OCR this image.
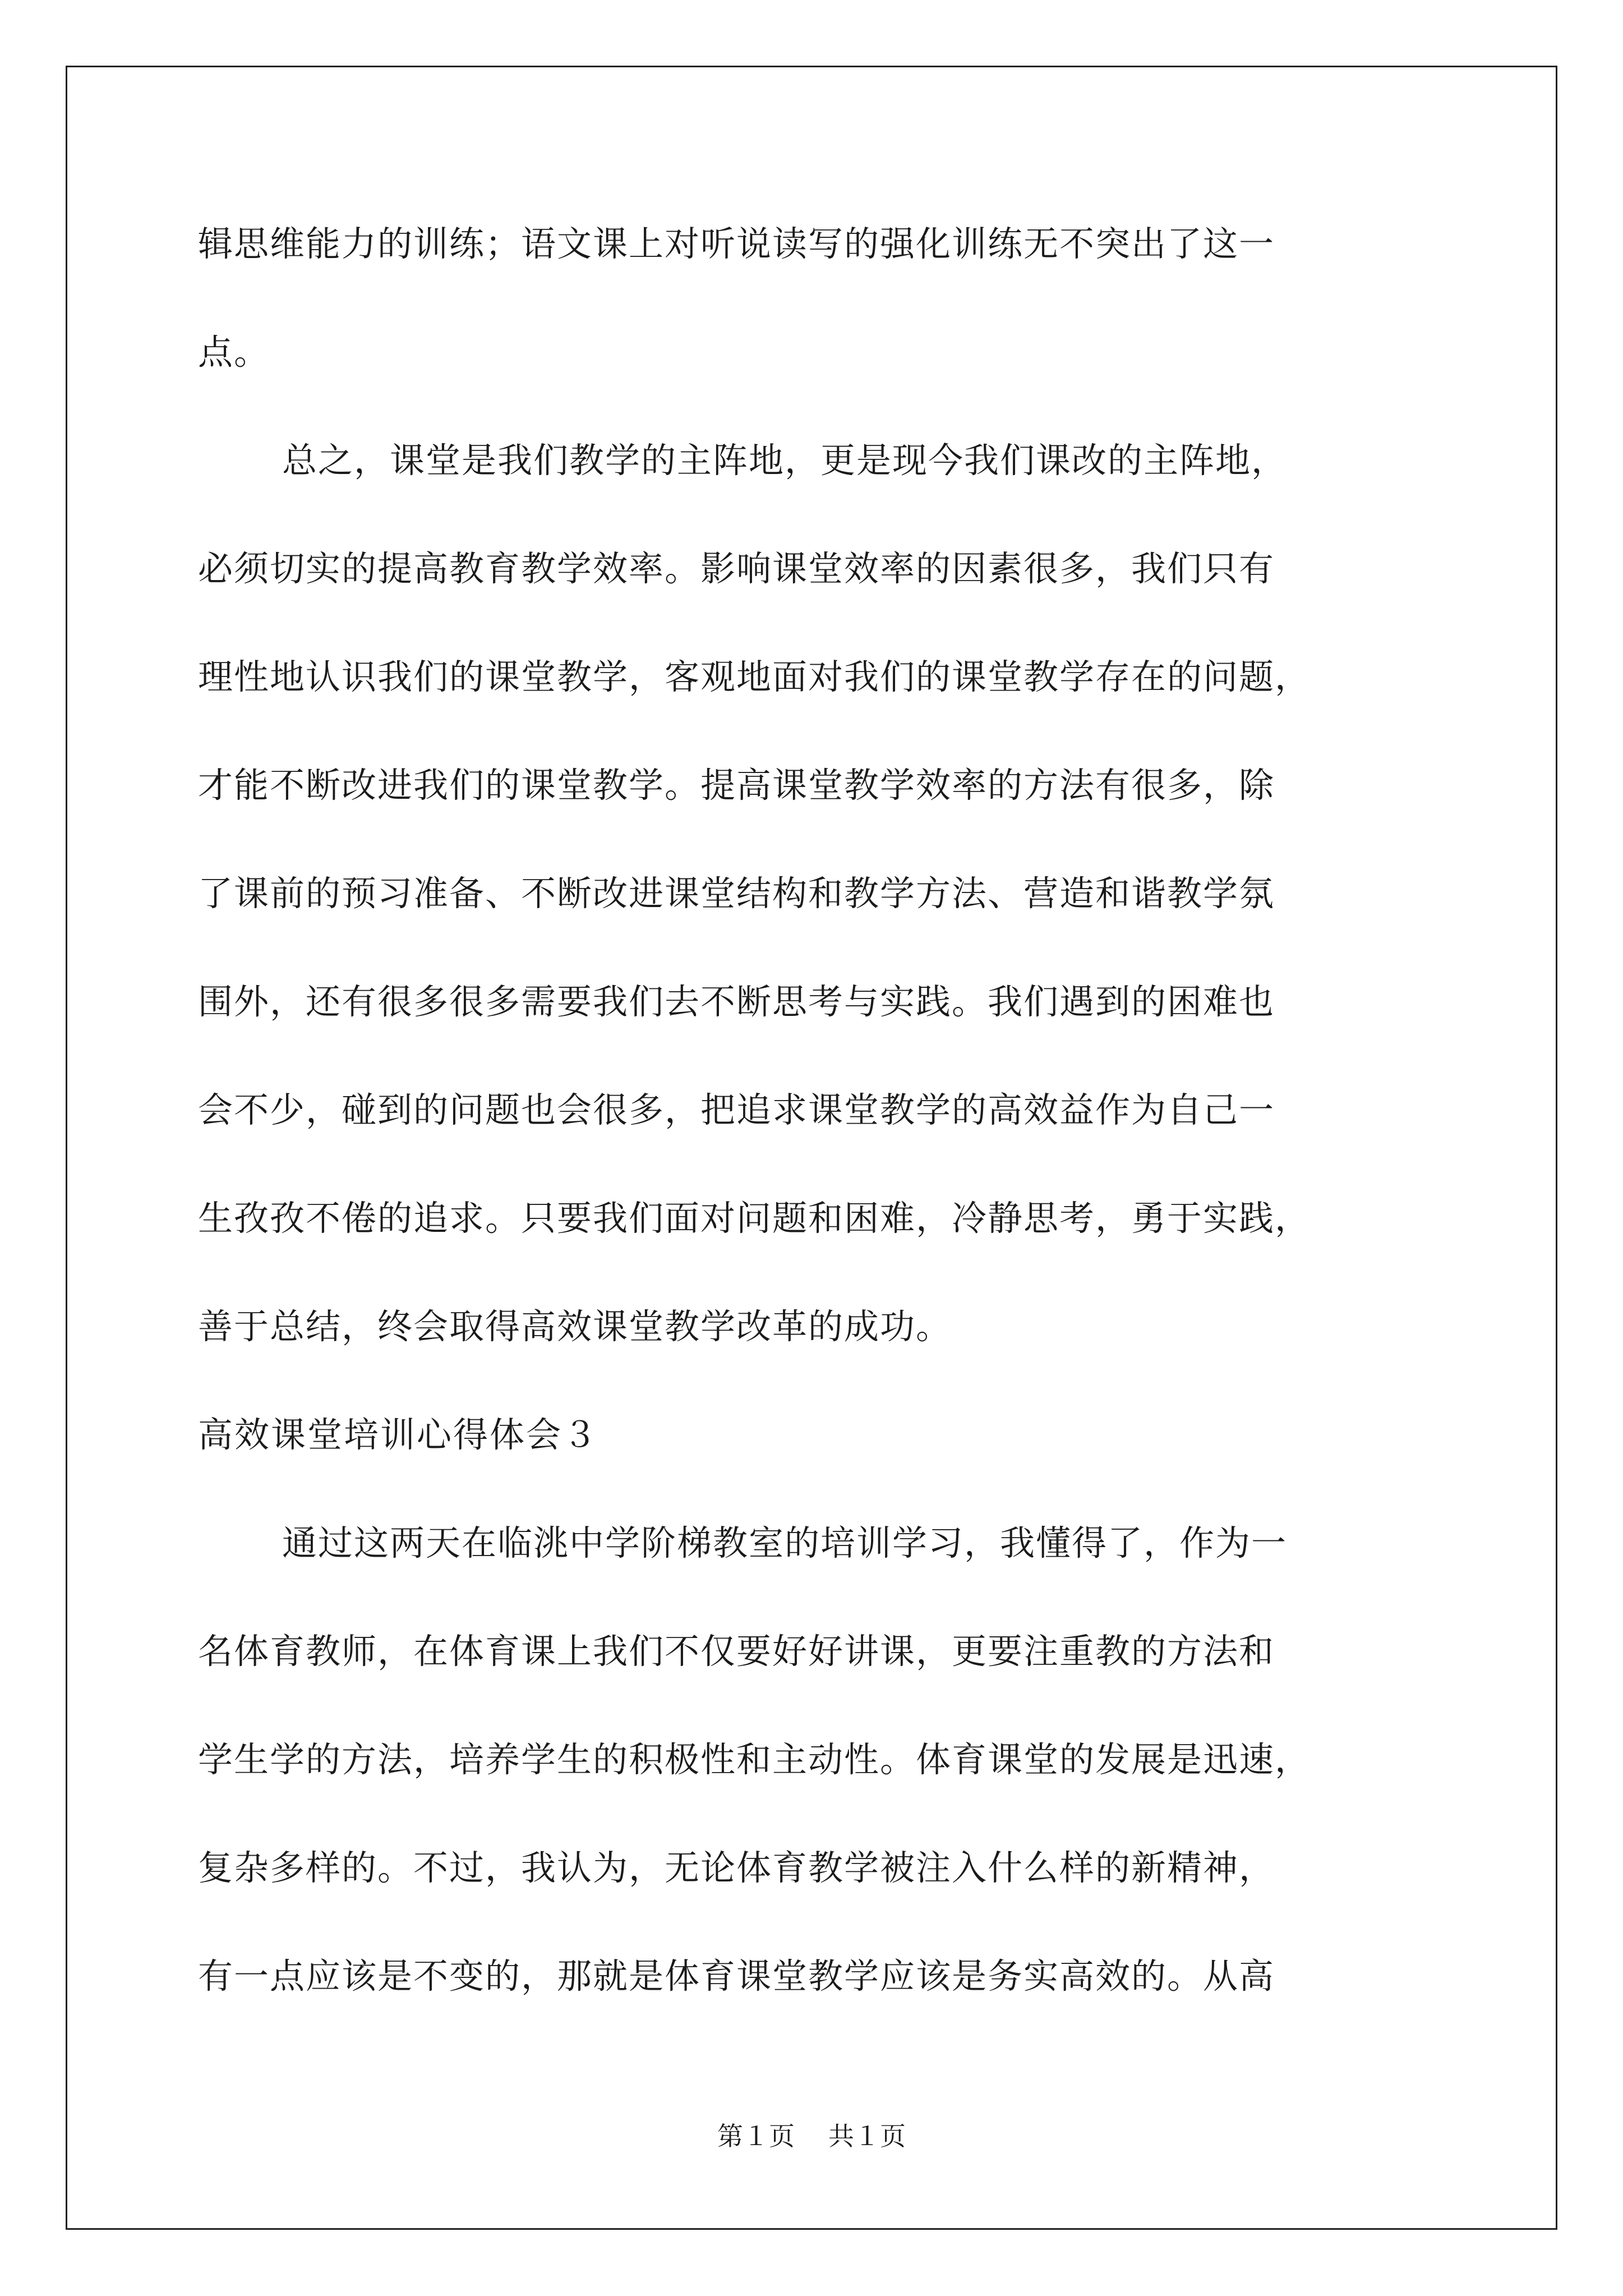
辑思维能力的训练；语文课上对听说读写的强化训练无不突出了这一
点。
总之，课堂是我们教学的主阵地，更是现今我们课改的主阵地，
必须切实的提高教育教学效率。影响课堂效率的因素很多，我们只有
理性地认识我们的课堂教学，客观地面对我们的课堂教学存在的问题，
才能不断改进我们的课堂教学。提高课堂教学效率的方法有很多，除
了课前的预习准备、不断改进课堂结构和教学方法、营造和谐教学氛
围外，还有很多很多需要我们去不断思考与实践。我们遇到的困难也
会不少，碰到的问题也会很多，把追求课堂教学的高效益作为自己一
生孜孜不倦的追求。只要我们面对问题和困难，冷静思考，勇于实践，
善于总结，终会取得高效课堂教学改革的成功。
高效课堂培训心得体会３
通过这两天在临洮中学阶梯教室的培训学习，我懂得了，作为一
名体育教师，在体育课上我们不仅要好好讲课，更要注重教的方法和
学生学的方法，培养学生的积极性和主动性。体育课堂的发展是迅速，
复杂多样的。不过，我认为，无论体育教学被注入什么样的新精神，
有一点应该是不变的，那就是体育课堂教学应该是务实高效的。从高
第１页 共１页
